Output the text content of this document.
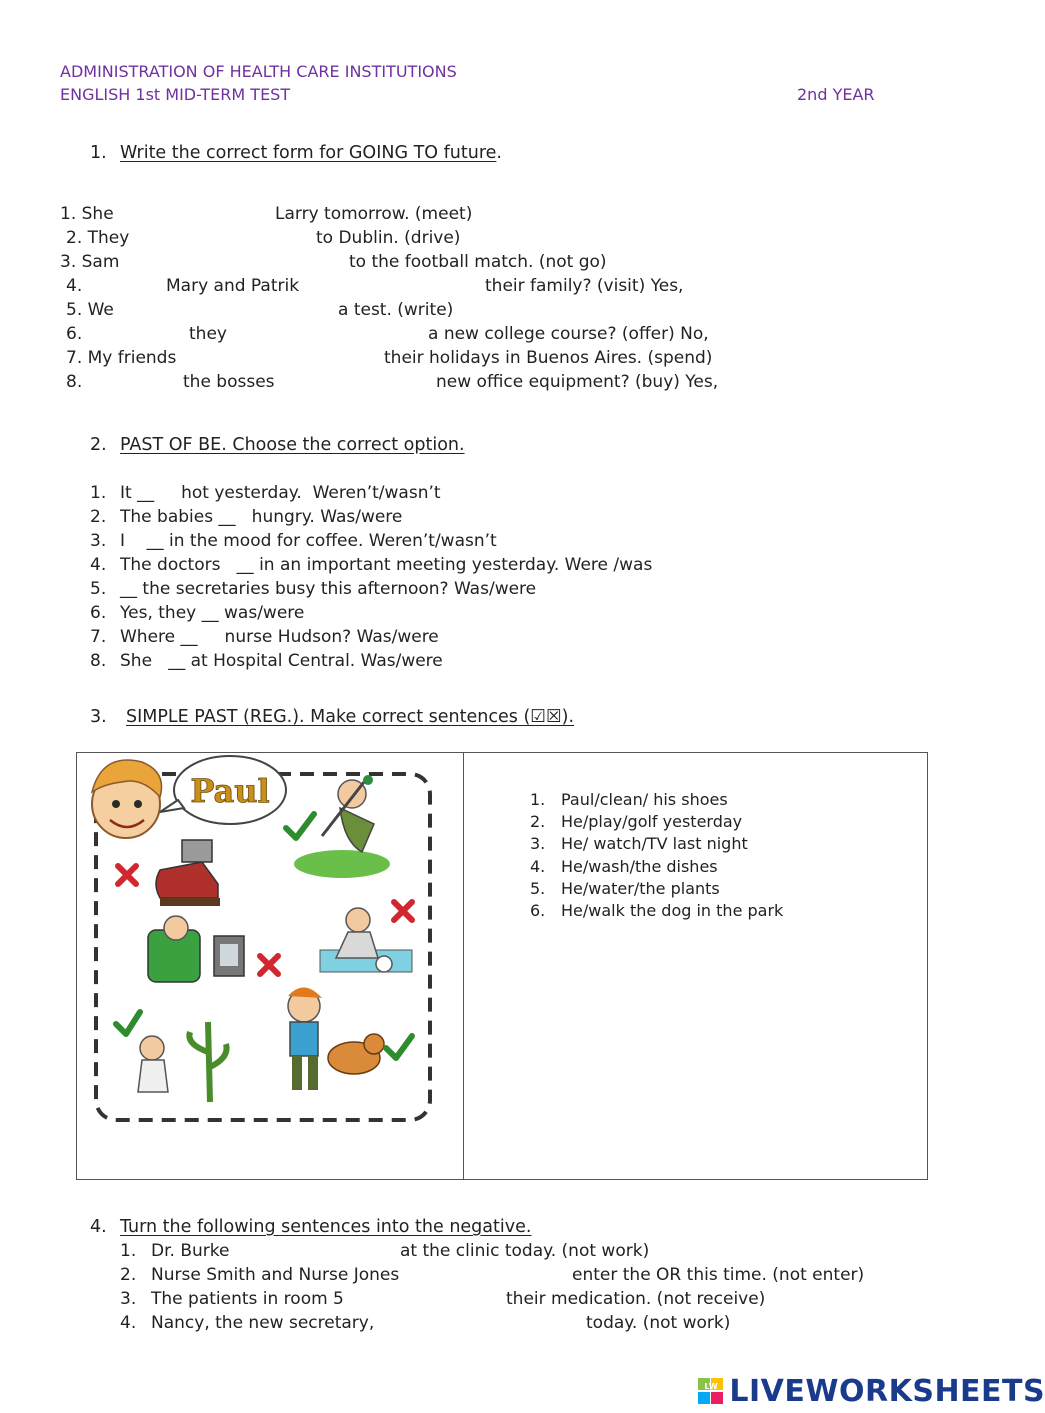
ADMINISTRATION OF HEALTH CARE INSTITUTIONS
ENGLISH 1st MID-TERM TEST	2nd YEAR
1. Write the correct form for GOING TO future.
1. She	Larry tomorrow. (meet)
2. They	to Dublin. (drive)
3. Sam	to the football match. (not go)
4.	Mary and Patrik	their family? (visit) Yes,
5. We	a test. (write)
6.	they	a new college course? (offer) No,
7. My friends	their holidays in Buenos Aires. (spend)
8.	the bosses	new office equipment? (buy) Yes,
2. PAST OF BE. Choose the correct option.
1. It __     hot yesterday.  Weren’t/wasn’t
2. The babies __   hungry. Was/were
3. I    __ in the mood for coffee. Weren’t/wasn’t
4. The doctors   __ in an important meeting yesterday. Were /was
5. __ the secretaries busy this afternoon? Was/were
6. Yes, they __ was/were
7. Where __     nurse Hudson? Was/were
8. She   __ at Hospital Central. Was/were
3. SIMPLE PAST (REG.). Make correct sentences (☑☒).
Paul	1. Paul/clean/ his shoes
2. He/play/golf yesterday
3. He/ watch/TV last night
4. He/wash/the dishes
5. He/water/the plants
6. He/walk the dog in the park
4. Turn the following sentences into the negative.
1. Dr. Burke	at the clinic today. (not work)
2. Nurse Smith and Nurse Jones	enter the OR this time. (not enter)
3. The patients in room 5	their medication. (not receive)
4. Nancy, the new secretary,	today. (not work)
LW LIVEWORKSHEETS
